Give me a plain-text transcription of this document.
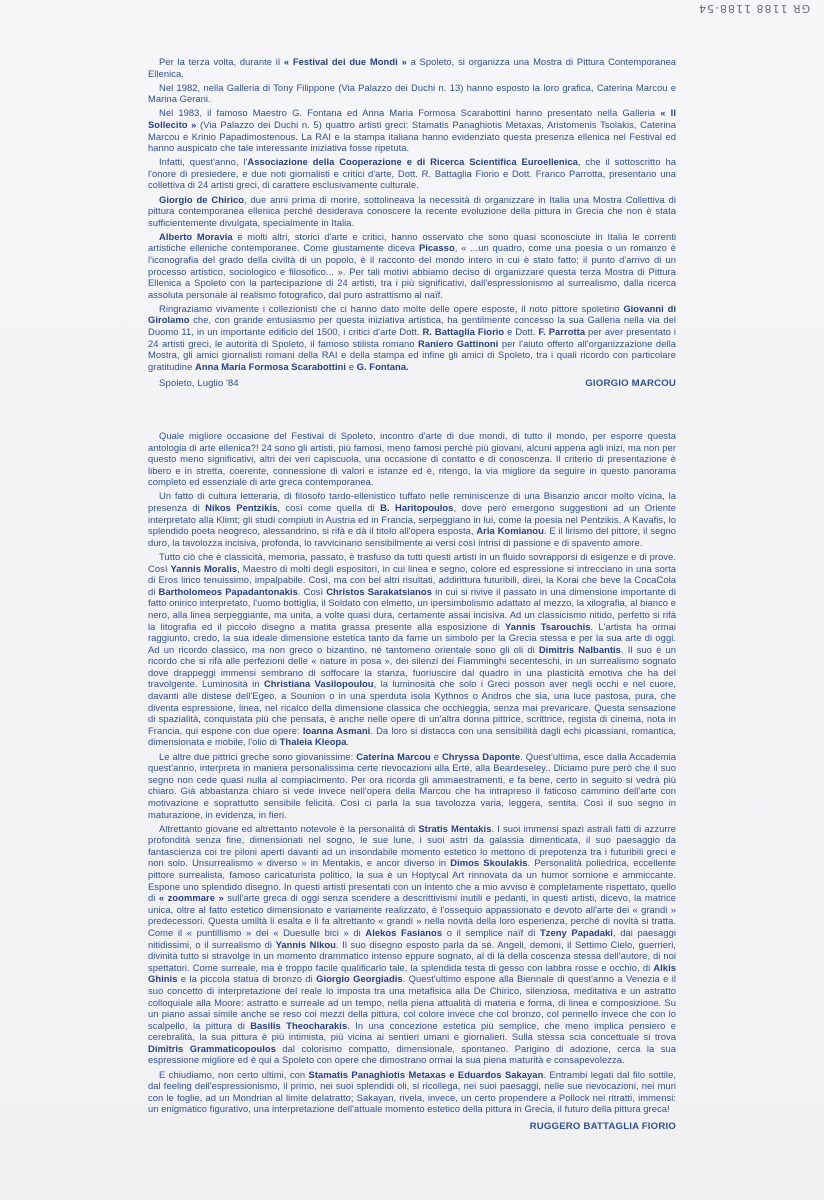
GR 1188 1188-54

Per la terza volta, durante il « Festival dei due Mondi » a Spoleto, si organizza una Mostra di Pittura Contemporanea Ellenica.

Nel 1982, nella Galleria di Tony Filippone (Via Palazzo dei Duchi n. 13) hanno esposto la loro grafica, Caterina Marcou e Marina Gerani.

Nel 1983, il famoso Maestro G. Fontana ed Anna Maria Formosa Scarabottini hanno presentato nella Galleria « Il Sollecito » (Via Palazzo dei Duchi n. 5) quattro artisti greci: Stamatis Panaghiotis Metaxas, Aristomenis Tsolakis, Caterina Marcou e Krinio Papadimostenous. La RAI e la stampa italiana hanno evidenziato questa presenza ellenica nel Festival ed hanno auspicato che tale interessante iniziativa fosse ripetuta.

Infatti, quest'anno, l'Associazione della Cooperazione e di Ricerca Scientifica Euroellenica, che il sottoscritto ha l'onore di presiedere, e due noti giornalisti e critici d'arte, Dott. R. Battaglia Fiorio e Dott. Franco Parrotta, presentano una collettiva di 24 artisti greci, di carattere esclusivamente culturale.

Giorgio de Chirico, due anni prima di morire, sottolineava la necessità di organizzare in Italia una Mostra Collettiva di pittura contemporanea ellenica perché desiderava conoscere la recente evoluzione della pittura in Grecia che non è stata sufficientemente divulgata, specialmente in Italia.

Alberto Moravia e molti altri, storici d'arte e critici, hanno osservato che sono quasi sconosciute in Italia le correnti artistiche elleniche contemporanee. Come giustamente diceva Picasso, « ...un quadro, come una poesia o un romanzo è l'iconografia del grado della civiltà di un popolo, è il racconto del mondo intero in cui è stato fatto; il punto d'arrivo di un processo artistico, sociologico e filosofico... ». Per tali motivi abbiamo deciso di organizzare questa terza Mostra di Pittura Ellenica a Spoleto con la partecipazione di 24 artisti, tra i più significativi, dall'espressionismo al surrealismo, dalla ricerca assoluta personale al realismo fotografico, dal puro astrattismo al naïf.

Ringraziamo vivamente i collezionisti che ci hanno dato molte delle opere esposte, il noto pittore spoletino Giovanni di Girolamo che, con grande entusiasmo per questa iniziativa artistica, ha gentilmente concesso la sua Galleria nella via del Duomo 11, in un importante edificio del 1500, i critici d'arte Dott. R. Battaglia Fiorio e Dott. F. Parrotta per aver presentato i 24 artisti greci, le autorità di Spoleto, il famoso stilista romano Raniero Gattinoni per l'aiuto offerto all'organizzazione della Mostra, gli amici giornalisti romani della RAI e della stampa ed infine gli amici di Spoleto, tra i quali ricordo con particolare gratitudine Anna Maria Formosa Scarabottini e G. Fontana.

Spoleto, Luglio '84	GIORGIO MARCOU

Quale migliore occasione del Festival di Spoleto, incontro d'arte di due mondi, di tutto il mondo, per esporre questa antologia di arte ellenica?! 24 sono gli artisti, più famosi, meno famosi perché più giovani, alcuni appena agli inizi, ma non per questo meno significativi, altri dei veri capiscuola, una occasione di contatto e di conoscenza. Il criterio di presentazione è libero e in stretta, coerente, connessione di valori e istanze ed è, ritengo, la via migliore da seguire in questo panorama completo ed essenziale di arte greca contemporanea.

Un fatto di cultura letteraria, di filosofo tardo-ellenistico tuffato nelle reminiscenze di una Bisanzio ancor molto vicina, la presenza di Nikos Pentzikis, così come quella di B. Haritopoulos, dove però emergono suggestioni ad un Oriente interpretato alla Klimt; gli studi compiuti in Austria ed in Francia, serpeggiano in lui, come la poesia nel Pentzikis. A Kavafis, lo splendido poeta neogreco, alessandrino, si rifà e dà il titolo all'opera esposta, Aria Komianou. E il lirismo del pittore, il segno duro, la tavolozza incisiva, profonda, lo ravvicinano sensibilmente ai versi così intrisi di passione e di spavento amore.

Tutto ciò che è classicità, memoria, passato, è trasfuso da tutti questi artisti in un fluido sovrapporsi di esigenze e di prove. Così Yannis Moralis, Maestro di molti degli espositori, in cui linea e segno, colore ed espressione si intrecciano in una sorta di Eros lirico tenuissimo, impalpabile. Così, ma con bel altri risultati, addirittura futuribili, direi, la Korai che beve la CocaCola di Bartholomeos Papadantonakis. Così Christos Sarakatsianos in cui si rivive il passato in una dimensione importante di fatto onirico interpretato, l'uomo bottiglia, il Soldato con elmetto, un ipersimbolismo adattato al mezzo, la xilografia, al bianco e nero, alla linea serpeggiante, ma unita, a volte quasi dura, certamente assai incisiva. Ad un classicismo nitido, perfetto si rifà la litografia ed il piccolo disegno a matita grassa presente alla esposizione di Yannis Tsarouchis. L'artista ha ormai raggiunto, credo, la sua ideale dimensione estetica tanto da farne un simbolo per la Grecia stessa e per la sua arte di oggi. Ad un ricordo classico, ma non greco o bizantino, né tantomeno orientale sono gli oli di Dimitris Nalbantis. Il suo è un ricordo che si rifà alle perfezioni delle « nature in posa », dei silenzi dei Fiamminghi secenteschi, in un surrealismo sognato dove drappeggi immensi sembrano di soffocare la stanza, fuoriuscire dal quadro in una plasticità emotiva che ha del travolgente. Luminosità in Christiana Vasilopoulou, la luminosità che solo i Greci posson aver negli occhi e nel cuore, davanti alle distese dell'Egeo, a Sounion o in una sperduta isola Kythnos o Andros che sia, una luce pastosa, pura, che diventa espressione, linea, nel ricalco della dimensione classica che occhieggia, senza mai prevaricare. Questa sensazione di spazialità, conquistata più che pensata, è anche nelle opere di un'altra donna pittrice, scrittrice, regista di cinema, nota in Francia, qui espone con due opere: Ioanna Asmani. Da loro si distacca con una sensibilità dagli echi picassiani, romantica, dimensionata e mobile, l'olio di Thaleia Kleopa.

Le altre due pittrici greche sono giovanissime: Caterina Marcou e Chryssa Daponte. Quest'ultima, esce dalla Accademia quest'anno, interpreta in maniera personalissima certe rievocazioni alla Erté, alla Beardeseley.. Diciamo pure però che il suo segno non cede quasi nulla al compiacimento. Per ora ricorda gli ammaestramenti, e fa bene, certo in seguito si vedrà più chiaro. Già abbastanza chiaro si vede invece nell'opera della Marcou che ha intrapreso il faticoso cammino dell'arte con motivazione e soprattutto sensibile felicità. Così ci parla la sua tavolozza varia, leggera, sentita. Così il suo segno in maturazione, in evidenza, in fieri.

Altrettanto giovane ed altrettanto notevole è la personalità di Stratis Mentakis. I suoi immensi spazi astrali fatti di azzurre profondità senza fine, dimensionati nel sogno, le sue lune, i suoi astri da galassia dimenticata, il suo paesaggio da fantascienza coi tre piloni aperti davanti ad un insondabile momento estetico lo mettono di prepotenza tra i futuribili greci e non solo. Unsurrealismo « diverso » in Mentakis, e ancor diverso in Dimos Skoulakis. Personalità poliedrica, eccellente pittore surrealista, famoso caricaturista politico, la sua è un Hoptycal Art rinnovata da un humor sornione e ammiccante. Espone uno splendido disegno. In questi artisti presentati con un intento che a mio avviso è completamente rispettato, quello di « zoommare » sull'arte greca di oggi senza scendere a descrittivismi inutili e pedanti, in questi artisti, dicevo, la matrice unica, oltre al fatto estetico dimensionato e variamente realizzato, è l'ossequio appassionato e devoto all'arte dei « grandi » predecessori. Questa umiltà li esalta e li fa altrettanto « grandi » nella novità della loro esperienza, perché di novità si tratta. Come il « puntillismo » dei « Duesulle bici » di Alekos Fasianos o il semplice naïf di Tzeny Papadaki, dai paesaggi nitidissimi, o il surrealismo di Yannis Nikou. Il suo disegno esposto parla da sé. Angeli, demoni, il Settimo Cielo, guerrieri, divinità tutto si stravolge in un momento drammatico intenso eppure sognato, al di là della coscenza stessa dell'autore, di noi spettatori. Come surreale, ma è troppo facile qualificarlo tale, la splendida testa di gesso con labbra rosse e occhio, di Alkis Ghinis e la piccola statua di bronzo di Giorgio Georgiadis. Quest'ultimo espone alla Biennale di quest'anno a Venezia e il suo concetto di interpretazione del reale lo imposta tra una metafisica alla De Chirico, silenziosa, meditativa e un astratto colloquiale alla Moore: astratto e surreale ad un tempo, nella piena attualità di materia e forma, di linea e composizione. Su un piano assai simile anche se reso coi mezzi della pittura, col colore invece che col bronzo, col pennello invece che con lo scalpello, la pittura di Basilis Theocharakis. In una concezione estetica più semplice, che meno implica pensiero e cerebralità, la sua pittura è più intimista, più vicina ai sentieri umani e giornalieri. Sulla stessa scia concettuale si trova Dimitris Grammaticopoulos dal colorismo compatto, dimensionale, spontaneo. Parigino di adozione, cerca la sua espressione migliore ed è qui a Spoleto con opere che dimostrano ormai la sua piena maturità e consapevolezza.

E chiudiamo, non certo ultimi, con Stamatis Panaghiotis Metaxas e Eduardos Sakayan. Entrambi legati dal filo sottile, dal feeling dell'espressionismo, il primo, nei suoi splendidi oli, si ricollega, nei suoi paesaggi, nelle sue rievocazioni, nei muri con le foglie, ad un Mondrian al limite delatratto; Sakayan, rivela, invece, un certo propendere a Pollock nei ritratti, immensi: un enigmatico figurativo, una interpretazione dell'attuale momento estetico della pittura in Grecia, il futuro della pittura greca!

RUGGERO BATTAGLIA FIORIO
